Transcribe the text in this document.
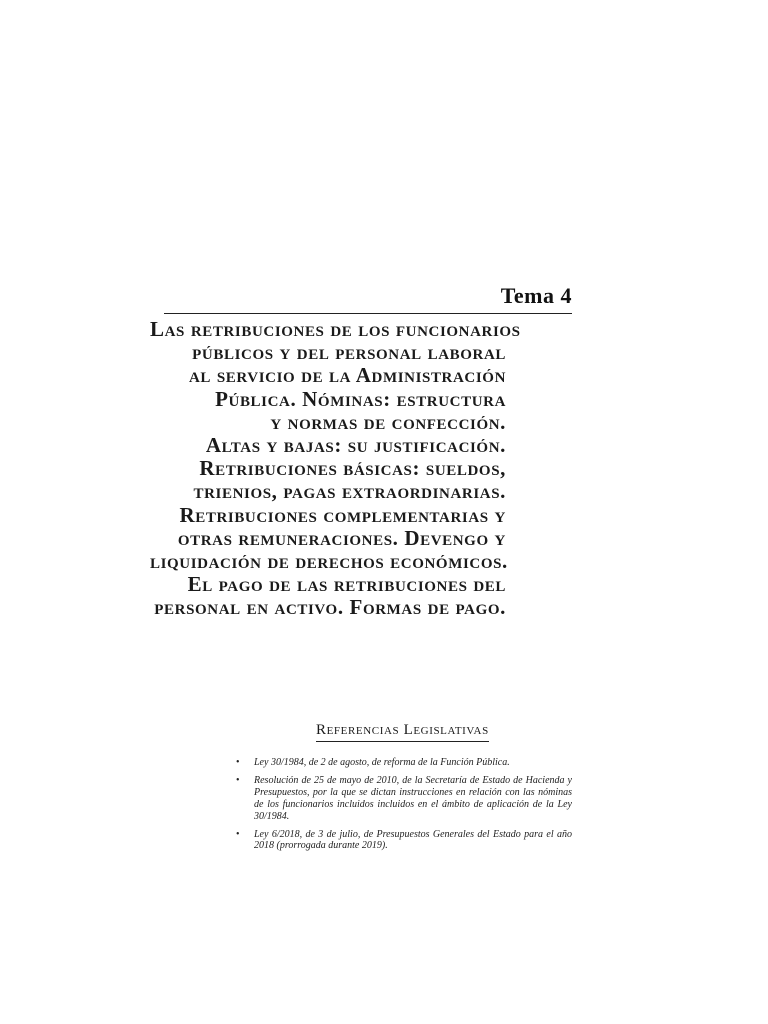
Tema 4
Las retribuciones de los funcionarios
públicos y del personal laboral
al servicio de la Administración
Pública. Nóminas: estructura
y normas de confección.
Altas y bajas: su justificación.
Retribuciones básicas: sueldos,
trienios, pagas extraordinarias.
Retribuciones complementarias y
otras remuneraciones. Devengo y
liquidación de derechos económicos.
El pago de las retribuciones del
personal en activo. Formas de pago.
Referencias Legislativas
• Ley 30/1984, de 2 de agosto, de reforma de la Función Pública.
• Resolución de 25 de mayo de 2010, de la Secretaría de Estado de Hacienda y Presupuestos, por la que se dictan instrucciones en relación con las nóminas de los funcionarios incluidos incluidos en el ámbito de aplicación de la Ley 30/1984.
• Ley 6/2018, de 3 de julio, de Presupuestos Generales del Estado para el año 2018 (prorrogada durante 2019).
